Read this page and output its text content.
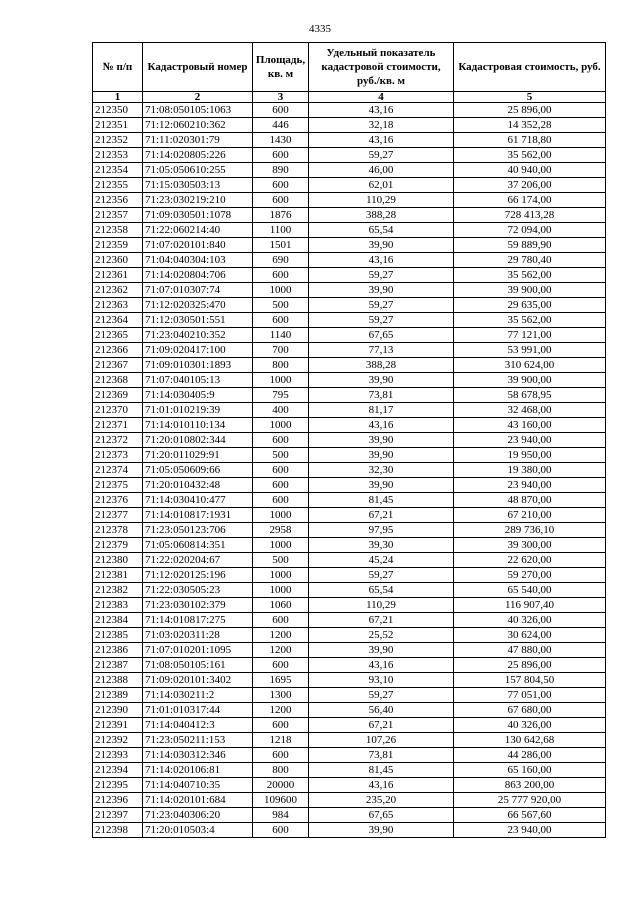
4335
№ п/п	Кадастровый номер	Площадь, кв. м	Удельный показатель кадастровой стоимости, руб./кв. м	Кадастровая стоимость, руб.
1	2	3	4	5
212350	71:08:050105:1063	600	43,16	25 896,00
212351	71:12:060210:362	446	32,18	14 352,28
212352	71:11:020301:79	1430	43,16	61 718,80
212353	71:14:020805:226	600	59,27	35 562,00
212354	71:05:050610:255	890	46,00	40 940,00
212355	71:15:030503:13	600	62,01	37 206,00
212356	71:23:030219:210	600	110,29	66 174,00
212357	71:09:030501:1078	1876	388,28	728 413,28
212358	71:22:060214:40	1100	65,54	72 094,00
212359	71:07:020101:840	1501	39,90	59 889,90
212360	71:04:040304:103	690	43,16	29 780,40
212361	71:14:020804:706	600	59,27	35 562,00
212362	71:07:010307:74	1000	39,90	39 900,00
212363	71:12:020325:470	500	59,27	29 635,00
212364	71:12:030501:551	600	59,27	35 562,00
212365	71:23:040210:352	1140	67,65	77 121,00
212366	71:09:020417:100	700	77,13	53 991,00
212367	71:09:010301:1893	800	388,28	310 624,00
212368	71:07:040105:13	1000	39,90	39 900,00
212369	71:14:030405:9	795	73,81	58 678,95
212370	71:01:010219:39	400	81,17	32 468,00
212371	71:14:010110:134	1000	43,16	43 160,00
212372	71:20:010802:344	600	39,90	23 940,00
212373	71:20:011029:91	500	39,90	19 950,00
212374	71:05:050609:66	600	32,30	19 380,00
212375	71:20:010432:48	600	39,90	23 940,00
212376	71:14:030410:477	600	81,45	48 870,00
212377	71:14:010817:1931	1000	67,21	67 210,00
212378	71:23:050123:706	2958	97,95	289 736,10
212379	71:05:060814:351	1000	39,30	39 300,00
212380	71:22:020204:67	500	45,24	22 620,00
212381	71:12:020125:196	1000	59,27	59 270,00
212382	71:22:030505:23	1000	65,54	65 540,00
212383	71:23:030102:379	1060	110,29	116 907,40
212384	71:14:010817:275	600	67,21	40 326,00
212385	71:03:020311:28	1200	25,52	30 624,00
212386	71:07:010201:1095	1200	39,90	47 880,00
212387	71:08:050105:161	600	43,16	25 896,00
212388	71:09:020101:3402	1695	93,10	157 804,50
212389	71:14:030211:2	1300	59,27	77 051,00
212390	71:01:010317:44	1200	56,40	67 680,00
212391	71:14:040412:3	600	67,21	40 326,00
212392	71:23:050211:153	1218	107,26	130 642,68
212393	71:14:030312:346	600	73,81	44 286,00
212394	71:14:020106:81	800	81,45	65 160,00
212395	71:14:040710:35	20000	43,16	863 200,00
212396	71:14:020101:684	109600	235,20	25 777 920,00
212397	71:23:040306:20	984	67,65	66 567,60
212398	71:20:010503:4	600	39,90	23 940,00
